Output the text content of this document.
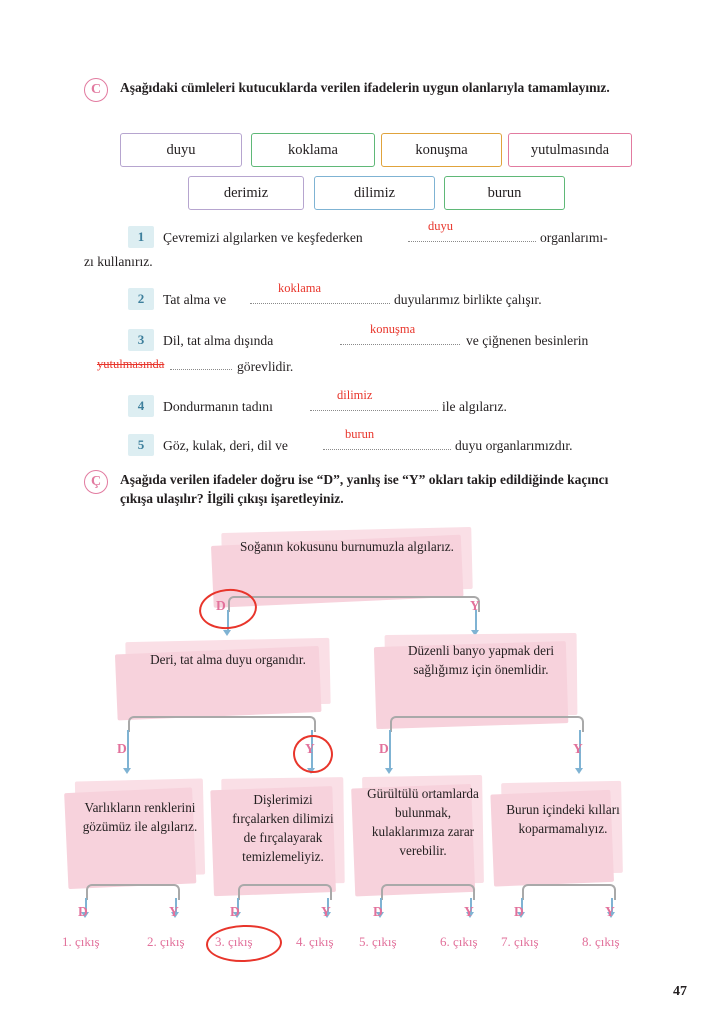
C	Aşağıdaki cümleleri kutucuklarda verilen ifadelerin uygun olanlarıyla tamamlayınız.
duyu	koklama	konuşma	yutulmasında
derimiz	dilimiz	burun
1	Çevremizi algılarken ve keşfederken
duyu
organlarımı-
zı kullanırız.
2	Tat alma ve
koklama
duyularımız birlikte çalışır.
3	Dil, tat alma dışında
konuşma
ve çiğnenen besinlerin
yutulmasında	görevlidir.
4	Dondurmanın tadını
dilimiz
ile algılarız.
5	Göz, kulak, deri, dil ve
burun
duyu organlarımızdır.
Ç	Aşağıda verilen ifadeler doğru ise “D”, yanlış ise “Y” okları takip edildiğinde kaçıncı çıkışa ulaşılır? İlgili çıkışı işaretleyiniz.
Soğanın kokusunu burnumuzla algılarız.
D	Y
Deri, tat alma duyu organıdır.
Düzenli banyo yapmak deri sağlığımız için önemlidir.
D	Y	D	Y
Varlıkların renklerini gözümüz ile algılarız.
Dişlerimizi fırçalarken dilimizi de fırçalayarak temizlemeliyiz.
Gürültülü ortamlarda bulunmak, kulaklarımıza zarar verebilir.
Burun içindeki kılları koparmamalıyız.
D	Y	D	Y	D	Y	D	Y
1. çıkış	2. çıkış 3. çıkış	4. çıkış 5. çıkış	6. çıkış 7. çıkış	8. çıkış
47
